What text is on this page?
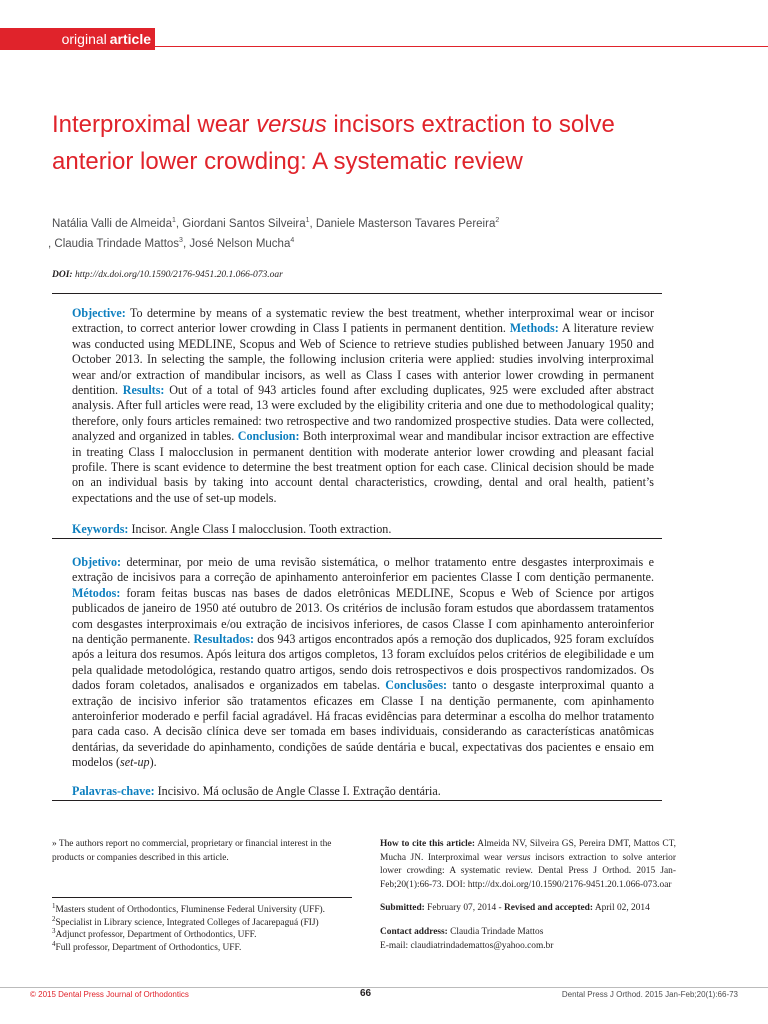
original article
Interproximal wear versus incisors extraction to solve anterior lower crowding: A systematic review
Natália Valli de Almeida$^1$, Giordani Santos Silveira$^1$, Daniele Masterson Tavares Pereira$^2$
, Claudia Trindade Mattos$^3$, José Nelson Mucha$^4$
DOI: http://dx.doi.org/10.1590/2176-9451.20.1.066-073.oar

Objective: To determine by means of a systematic review the best treatment, whether interproximal wear or incisor extraction, to correct anterior lower crowding in Class I patients in permanent dentition. Methods: A literature review was conducted using MEDLINE, Scopus and Web of Science to retrieve studies published between January 1950 and October 2013. In selecting the sample, the following inclusion criteria were applied: studies involving interproximal wear and/or extraction of mandibular incisors, as well as Class I cases with anterior lower crowding in permanent dentition. Results: Out of a total of 943 articles found after excluding duplicates, 925 were excluded after abstract analysis. After full articles were read, 13 were excluded by the eligibility criteria and one due to methodological quality; therefore, only fours articles remained: two retrospective and two randomized prospective studies. Data were collected, analyzed and organized in tables. Conclusion: Both interproximal wear and mandibular incisor extraction are effective in treating Class I malocclusion in permanent dentition with moderate anterior lower crowding and pleasant facial profile. There is scant evidence to determine the best treatment option for each case. Clinical decision should be made on an individual basis by taking into account dental characteristics, crowding, dental and oral health, patient’s expectations and the use of set-up models.

Keywords: Incisor. Angle Class I malocclusion. Tooth extraction.

Objetivo: determinar, por meio de uma revisão sistemática, o melhor tratamento entre desgastes interproximais e extração de incisivos para a correção de apinhamento anteroinferior em pacientes Classe I com dentição permanente. Métodos: foram feitas buscas nas bases de dados eletrônicas MEDLINE, Scopus e Web of Science por artigos publicados de janeiro de 1950 até outubro de 2013. Os critérios de inclusão foram estudos que abordassem tratamentos com desgastes interproximais e/ou extração de incisivos inferiores, de casos Classe I com apinhamento anteroinferior na dentição permanente. Resultados: dos 943 artigos encontrados após a remoção dos duplicados, 925 foram excluídos após a leitura dos resumos. Após leitura dos artigos completos, 13 foram excluídos pelos critérios de elegibilidade e um pela qualidade metodológica, restando quatro artigos, sendo dois retrospectivos e dois prospectivos randomizados. Os dados foram coletados, analisados e organizados em tabelas. Conclusões: tanto o desgaste interproximal quanto a extração de incisivo inferior são tratamentos eficazes em Classe I na dentição permanente, com apinhamento anteroinferior moderado e perfil facial agradável. Há fracas evidências para determinar a escolha do melhor tratamento para cada caso. A decisão clínica deve ser tomada em bases individuais, considerando as características anatômicas dentárias, da severidade do apinhamento, condições de saúde dentária e bucal, expectativas dos pacientes e ensaio em modelos (set-up).

Palavras-chave: Incisivo. Má oclusão de Angle Classe I. Extração dentária.

» The authors report no commercial, proprietary or financial interest in the products or companies described in this article.
$^1$Masters student of Orthodontics, Fluminense Federal University (UFF).
$^2$Specialist in Library science, Integrated Colleges of Jacarepaguá (FIJ)
$^3$Adjunct professor, Department of Orthodontics, UFF.
$^4$Full professor, Department of Orthodontics, UFF.
How to cite this article: Almeida NV, Silveira GS, Pereira DMT, Mattos CT, Mucha JN. Interproximal wear versus incisors extraction to solve anterior lower crowding: A systematic review. Dental Press J Orthod. 2015 Jan-Feb;20(1):66-73. DOI: http://dx.doi.org/10.1590/2176-9451.20.1.066-073.oar
Submitted: February 07, 2014 - Revised and accepted: April 02, 2014
Contact address: Claudia Trindade Mattos
E-mail: claudiatrindademattos@yahoo.com.br
© 2015 Dental Press Journal of Orthodontics	66	Dental Press J Orthod. 2015 Jan-Feb;20(1):66-73
